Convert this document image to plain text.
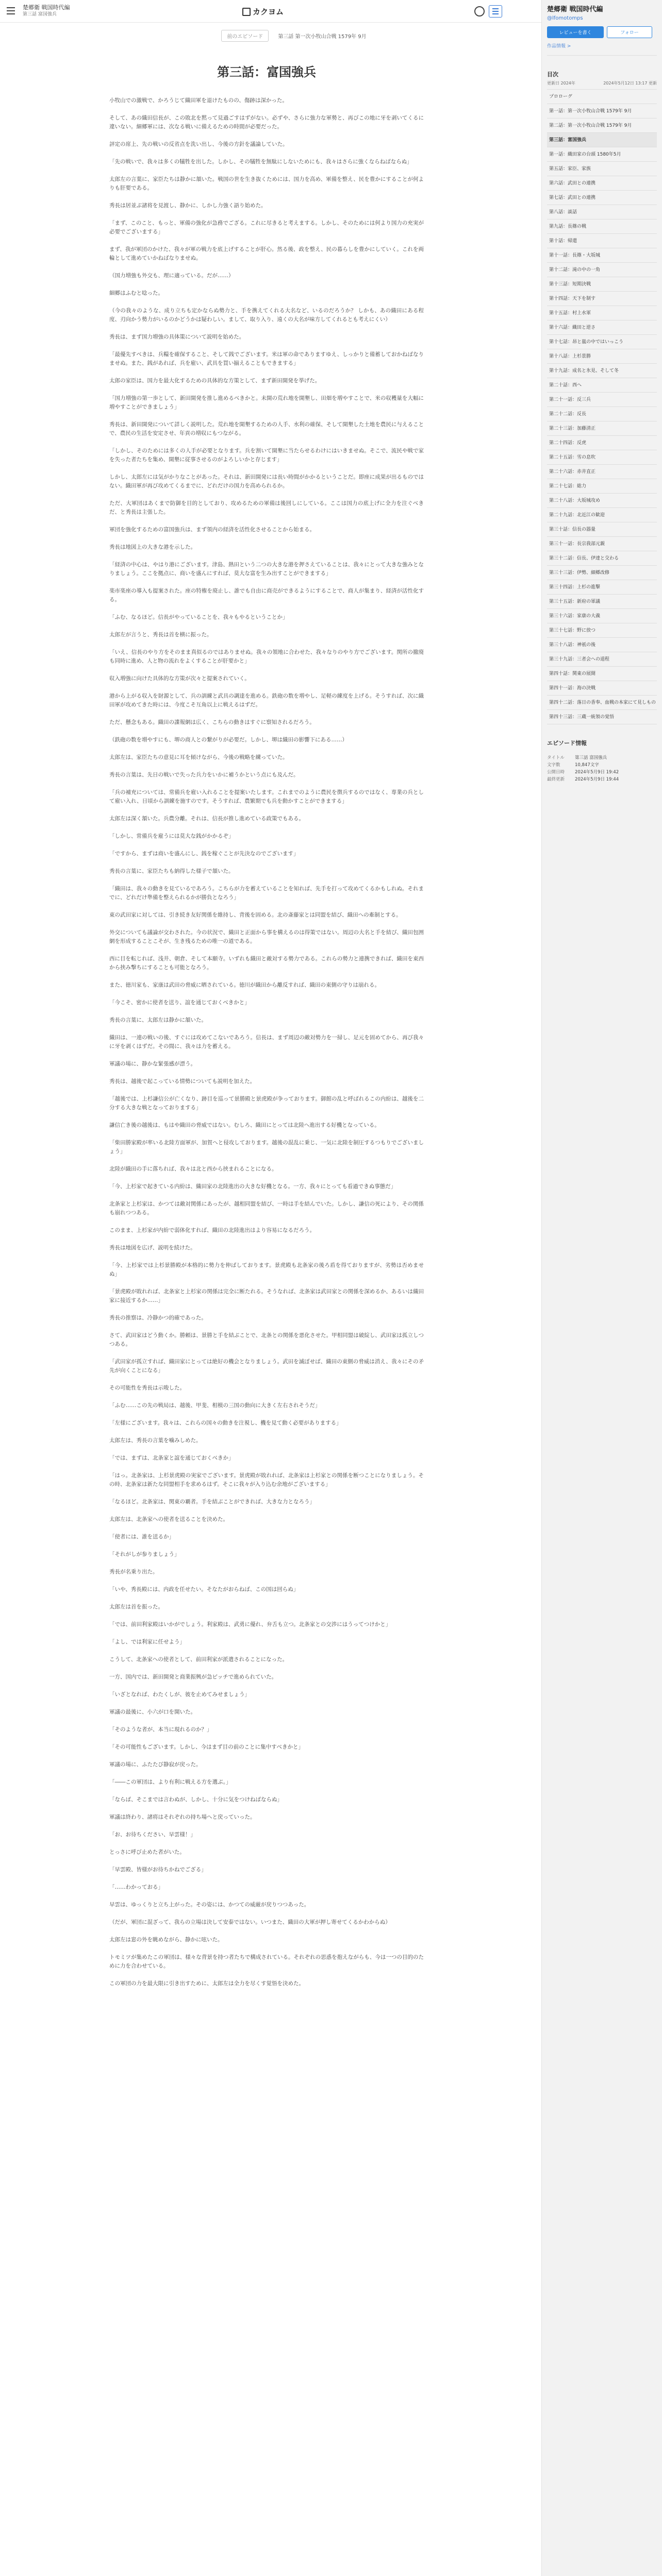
楚郷衛 戦国時代編
第三話 富国強兵	カクヨム
前のエピソード	第三話 第一次小牧山合戦 1579年 9月
第三話：富国強兵

小牧山での激戦で、かろうじて織田軍を退けたものの、傷跡は深かった。

そして、あの織田信長が、この敗北を黙って見過ごすはずがない。必ずや、さらに強力な軍勢と、再びこの地に牙を剥いてくるに違いない。細郷軍には、次なる戦いに備えるための時間が必要だった。

評定の席上、先の戦いの反省点を洗い出し、今後の方針を議論していた。

「先の戦いで、我々は多くの犠牲を出した。しかし、その犠牲を無駄にしないためにも、我々はさらに強くならねばならぬ」

太郎左の言葉に、家臣たちは静かに頷いた。戦国の世を生き抜くためには、国力を高め、軍備を整え、民を豊かにすることが何よりも肝要である。

秀長は居並ぶ諸将を見渡し、静かに、しかし力強く語り始めた。

「まず、このこと、もっと、軍備の強化が急務でござる。これに尽きると考えまする。しかし、そのためには何より国力の充実が必要でございまする」

まず、我が軍団のかけた、我々が軍の戦力を底上げすることが肝心。然る後、政を整え、民の暮らしを豊かにしていく。これを両輪として進めていかねばなりませぬ。

（国力増強も外交も、理に適っている。だが……）

細郷はふむと唸った。

（今の我々のような、成り立ちも定かならぬ勢力と、手を携えてくれる大名など、いるのだろうか？ しかも、あの織田にある程度、刃向かう勢力がいるのかどうかは疑わしい。まして、取り入り、遠くの大名が味方してくれるとも考えにくい）

秀長は、まず国力増強の具体策について説明を始めた。

「最優先すべきは、兵糧を確保すること、そして銭でございます。米は軍の命でありますゆえ、しっかりと備蓄しておかねばなりませぬ。また、銭があれば、兵を雇い、武具を買い揃えることもできまする」

太郎の家臣は、国力を最大化するための具体的な方策として、まず新田開発を挙げた。

「国力増強の第一歩として、新田開発を推し進めるべきかと。未開の荒れ地を開墾し、田畑を増やすことで、米の収穫量を大幅に増やすことができましょう」

秀長は、新田開発について詳しく説明した。荒れ地を開墾するための人手、水利の確保、そして開墾した土地を農民に与えることで、農民の生活を安定させ、年貢の増収にもつながる。

「しかし、そのためには多くの人手が必要となります。兵を割いて開墾に当たらせるわけにはいきませぬ。そこで、流民や戦で家を失った者たちを集め、開墾に従事させるのがよろしいかと存じます」

しかし、太郎左には気がかりなことがあった。それは、新田開発には長い時間がかかるということだ。即座に成果が出るものではない。織田軍が再び攻めてくるまでに、どれだけの国力を高められるか。

ただ、大軍団はあくまで防御を目的としており、攻めるための軍備は後回しにしている。ここは国力の底上げに全力を注ぐべきだ、と秀長は主張した。

軍団を強化するための富国強兵は、まず領内の経済を活性化させることから始まる。

秀長は地図上の大きな港を示した。

「経済の中心は、やはり港にございます。津島、熱田という二つの大きな港を押さえていることは、我々にとって大きな強みとなりましょう。ここを拠点に、商いを盛んにすれば、莫大な富を生み出すことができまする」

楽市楽座の導入も提案された。座の特権を廃止し、誰でも自由に商売ができるようにすることで、商人が集まり、経済が活性化する。

「ふむ、なるほど。信長がやっていることを、我々もやるということか」

太郎左が言うと、秀長は首を横に振った。

「いえ、信長のやり方をそのまま真似るのではありませぬ。我々の領地に合わせた、我々なりのやり方でございます。関所の撤廃も同時に進め、人と物の流れをよくすることが肝要かと」

収入増強に向けた具体的な方策が次々と提案されていく。

港から上がる収入を財源として、兵の訓練と武具の調達を進める。鉄砲の数を増やし、足軽の練度を上げる。そうすれば、次に織田軍が攻めてきた時には、今度こそ互角以上に戦えるはずだ。

ただ、懸念もある。織田の諜報網は広く、こちらの動きはすぐに察知されるだろう。

（鉄砲の数を増やすにも、堺の商人との繋がりが必要だ。しかし、堺は織田の影響下にある……）

太郎左は、家臣たちの意見に耳を傾けながら、今後の戦略を練っていた。

秀長の言葉は、先日の戦いで失った兵力をいかに補うかという点にも及んだ。

「兵の補充については、常備兵を雇い入れることを提案いたします。これまでのように農民を徴兵するのではなく、専業の兵として雇い入れ、日頃から訓練を施すのです。そうすれば、農繁期でも兵を動かすことができまする」

太郎左は深く頷いた。兵農分離。それは、信長が推し進めている政策でもある。

「しかし、常備兵を雇うには莫大な銭がかかるぞ」

「ですから、まずは商いを盛んにし、銭を稼ぐことが先決なのでございます」

秀長の言葉に、家臣たちも納得した様子で頷いた。

「織田は、我々の動きを見ているであろう。こちらが力を蓄えていることを知れば、先手を打って攻めてくるかもしれぬ。それまでに、どれだけ準備を整えられるかが勝負となろう」

東の武田家に対しては、引き続き友好関係を維持し、背後を固める。北の斎藤家とは同盟を結び、織田への牽制とする。

外交についても議論が交わされた。今の状況で、織田と正面から事を構えるのは得策ではない。周辺の大名と手を結び、織田包囲網を形成することこそが、生き残るための唯一の道である。

西に目を転じれば、浅井、朝倉、そして本願寺。いずれも織田と敵対する勢力である。これらの勢力と連携できれば、織田を東西から挟み撃ちにすることも可能となろう。

また、徳川家も、家康は武田の脅威に晒されている。徳川が織田から離反すれば、織田の東側の守りは崩れる。

「今こそ、密かに使者を送り、誼を通じておくべきかと」

秀長の言葉に、太郎左は静かに頷いた。

織田は、一連の戦いの後、すぐには攻めてこないであろう。信長は、まず周辺の敵対勢力を一掃し、足元を固めてから、再び我々に牙を剥くはずだ。その間に、我々は力を蓄える。

軍議の場に、静かな緊張感が漂う。

秀長は、越後で起こっている情勢についても説明を加えた。

「越後では、上杉謙信公が亡くなり、跡目を巡って景勝殿と景虎殿が争っております。御館の乱と呼ばれるこの内紛は、越後を二分する大きな戦となっておりまする」

謙信亡き後の越後は、もはや織田の脅威ではない。むしろ、織田にとっては北陸へ進出する好機となっている。

「柴田勝家殿が率いる北陸方面軍が、加賀へと侵攻しております。越後の混乱に乗じ、一気に北陸を制圧するつもりでございましょう」

北陸が織田の手に落ちれば、我々は北と西から挟まれることになる。

「今、上杉家で起きている内紛は、織田家の北陸進出の大きな好機となる。一方、我々にとっても看過できぬ事態だ」

北条家と上杉家は、かつては敵対関係にあったが、越相同盟を結び、一時は手を結んでいた。しかし、謙信の死により、その関係も崩れつつある。

このまま、上杉家が内紛で弱体化すれば、織田の北陸進出はより容易になるだろう。

秀長は地図を広げ、説明を続けた。

「今、上杉家では上杉景勝殿が本格的に勢力を伸ばしております。景虎殿も北条家の後ろ盾を得ておりますが、劣勢は否めませぬ」

「景虎殿が敗れれば、北条家と上杉家の関係は完全に断たれる。そうなれば、北条家は武田家との関係を深めるか、あるいは織田家に接近するか……」

秀長の推察は、冷静かつ的確であった。

さて、武田家はどう動くか。勝頼は、景勝と手を結ぶことで、北条との関係を悪化させた。甲相同盟は破綻し、武田家は孤立しつつある。

「武田家が孤立すれば、織田家にとっては絶好の機会となりましょう。武田を滅ぼせば、織田の東側の脅威は消え、我々にその矛先が向くことになる」

その可能性を秀長は示唆した。

「ふむ……この先の戦局は、越後、甲斐、相模の三国の動向に大きく左右されそうだ」

「左様にございます。我々は、これらの国々の動きを注視し、機を見て動く必要がありまする」

太郎左は、秀長の言葉を噛みしめた。

「では、まずは、北条家と誼を通じておくべきか」

「はっ。北条家は、上杉景虎殿の実家でございます。景虎殿が敗れれば、北条家は上杉家との関係を断つことになりましょう。その時、北条家は新たな同盟相手を求めるはず。そこに我々が入り込む余地がございまする」

「なるほど。北条家は、関東の覇者。手を結ぶことができれば、大きな力となろう」

太郎左は、北条家への使者を送ることを決めた。

「使者には、誰を送るか」

「それがしが参りましょう」

秀長が名乗り出た。

「いや、秀長殿には、内政を任せたい。そなたがおらねば、この国は回らぬ」

太郎左は首を振った。

「では、前田利家殿はいかがでしょう。利家殿は、武勇に優れ、弁舌も立つ。北条家との交渉にはうってつけかと」

「よし、では利家に任せよう」

こうして、北条家への使者として、前田利家が派遣されることになった。

一方、国内では、新田開発と商業振興が急ピッチで進められていた。

「いざとなれば、わたくしが、彼を止めてみせましょう」

軍議の最後に、小六が口を開いた。

「そのような者が、本当に現れるのか？」

「その可能性もございます。しかし、今はまず目の前のことに集中すべきかと」

軍議の場に、ふたたび静寂が戻った。

「――この軍団は、より有利に戦える方を選ぶ。」

「ならば、そこまでは言わぬが、しかし、十分に気をつけねばならぬ」

軍議は終わり、諸将はそれぞれの持ち場へと戻っていった。

「お、お待ちください、早雲様！」

とっさに呼び止めた者がいた。

「早雲殿、皆様がお待ちかねでござる」

「……わかっておる」

早雲は、ゆっくりと立ち上がった。その姿には、かつての威厳が戻りつつあった。

（だが、軍団に混ざって、我らの立場は決して安泰ではない。いつまた、織田の大軍が押し寄せてくるかわからぬ）

太郎左は窓の外を眺めながら、静かに呟いた。

トモミツが集めたこの軍団は、様々な背景を持つ者たちで構成されている。それぞれの思惑を抱えながらも、今は一つの目的のために力を合わせている。

この軍団の力を最大限に引き出すために、太郎左は全力を尽くす覚悟を決めた。

楚郷衛 戦国時代編
@lfomotomps
レビューを書く	フォロー
作品情報 >
目次
更新日 2024年	2024年5月12日 13:17 更新
プロローグ
第一話：第一次小牧山合戦 1579年 9月
第二話：第一次小牧山合戦 1579年 9月
第三話：富国強兵
第一話：織田家の台頭 1580年5月
第五話：家臣、家族
第六話：武田との連携
第七話：武田との連携
第八話：談話
第九話：長篠の戦
第十話：帰還
第十一話：長篠・大坂城
第十二話：滝の中の一角
第十三話：短期決戦
第十四話：天下を制す
第十五話：村上水軍
第十六話：織田と逆さ
第十七話：昂と嵐の中ではいっこう
第十八話：上杉景勝
第十九話：成名と氷見、そして冬
第二十話：西へ
第二十一話：反三兵
第二十二話：反長
第二十三話：加藤清正
第二十四話：反虎
第二十五話：雪の息吹
第二十六話：赤井直正
第二十七話：総力
第二十八話：大坂城攻め
第二十九話：北近江の歓迎
第三十話：信長の器量
第三十一話：長宗我部元親
第三十二話：信長、伊達と交わる
第三十三話：伊勢、細郷改修
第三十四話：上杉の進撃
第三十五話：新府の軍議
第三十六話：家康の大義
第三十七話：野に放つ
第三十八話：神祇の後
第三十九話：三者会ヘの道程
第四十話：関東の展開
第四十一話：海の決戦
第四十二話：落日の香奉、血戦の本家にて見しもの
第四十三話：三蔵一統領の覚悟
エピソード情報
タイトル	第三話 富国強兵
文字数	10,847文字
公開日時	2024年5月9日 19:42
最終更新	2024年5月9日 19:44
